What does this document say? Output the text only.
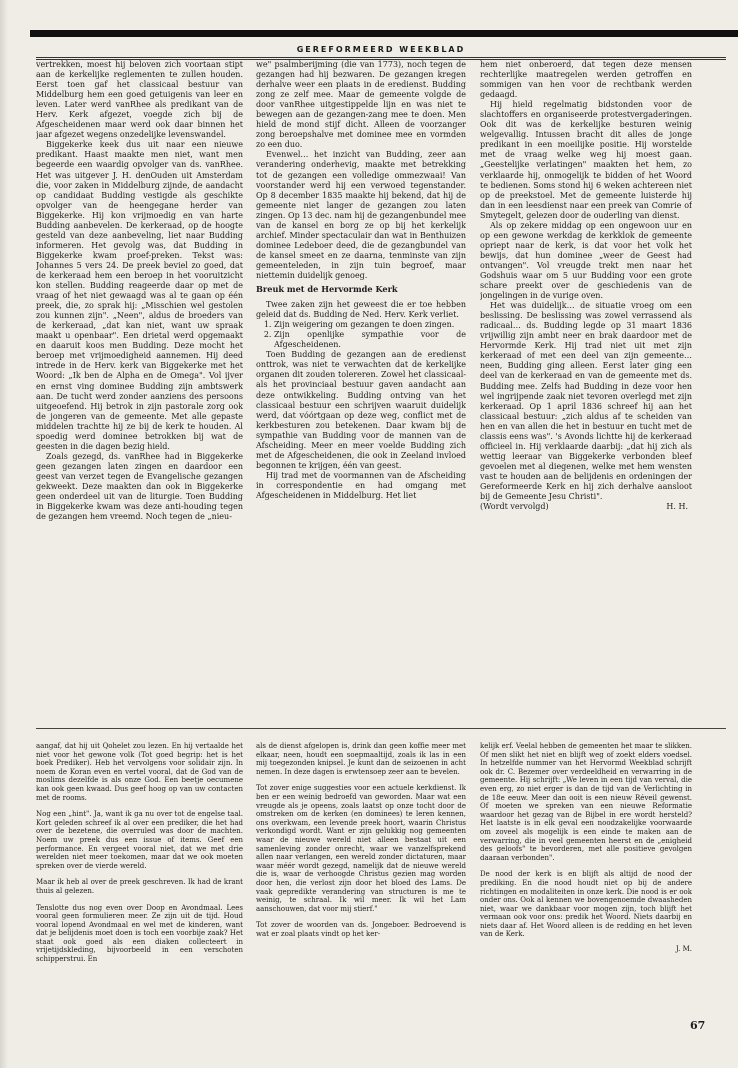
GEREFORMEERD WEEKBLAD

vertrekken, moest hij beloven zich voortaan stipt aan de kerkelijke reglementen te zullen houden. Eerst toen gaf het classicaal bestuur van Middelburg hem een goed getuigenis van leer en leven. Later werd vanRhee als predikant van de Herv. Kerk afgezet, voegde zich bij de Afgescheidenen maar werd ook daar binnen het jaar afgezet wegens onzedelijke levenswandel.

Biggekerke keek dus uit naar een nieuwe predikant. Haast maakte men niet, want men begeerde een waardig opvolger van ds. vanRhee. Het was uitgever J. H. denOuden uit Amsterdam die, voor zaken in Middelburg zijnde, de aandacht op candidaat Budding vestigde als geschikte opvolger van de heengegane herder van Biggekerke. Hij kon vrijmoedig en van harte Budding aanbevelen. De kerkeraad, op de hoogte gesteld van deze aanbeveling, liet naar Budding informeren. Het gevolg was, dat Budding in Biggekerke kwam proef-preken. Tekst was: Johannes 5 vers 24. De preek beviel zo goed, dat de kerkeraad hem een beroep in het vooruitzicht kon stellen. Budding reageerde daar op met de vraag of het niet gewaagd was al te gaan op één preek, die, zo sprak hij: „Misschien wel gestolen zou kunnen zijn". „Neen", aldus de broeders van de kerkeraad, „dat kan niet, want uw spraak maakt u openbaar". Een drietal werd opgemaakt en daaruit koos men Budding. Deze mocht het beroep met vrijmoedigheid aannemen. Hij deed intrede in de Herv. kerk van Biggekerke met het Woord: „Ik ben de Alpha en de Omega". Vol ijver en ernst ving dominee Budding zijn ambtswerk aan. De tucht werd zonder aanziens des persoons uitgeoefend. Hij betrok in zijn pastorale zorg ook de jongeren van de gemeente. Met alle gepaste middelen trachtte hij ze bij de kerk te houden. Al spoedig werd dominee betrokken bij wat de geesten in die dagen bezig hield.

Zoals gezegd, ds. vanRhee had in Biggekerke geen gezangen laten zingen en daardoor een geest van verzet tegen de Evangelische gezangen gekweekt. Deze maakten dan ook in Biggekerke geen onderdeel uit van de liturgie. Toen Budding in Biggekerke kwam was deze anti-houding tegen de gezangen hem vreemd. Noch tegen de „nieu-

we" psalmberijming (die van 1773), noch tegen de gezangen had hij bezwaren. De gezangen kregen derhalve weer een plaats in de eredienst. Budding zong ze zelf mee. Maar de gemeente volgde de door vanRhee uitgestippelde lijn en was niet te bewegen aan de gezangen-zang mee te doen. Men hield de mond stijf dicht. Alleen de voorzanger zong beroepshalve met dominee mee en vormden zo een duo.

Evenwel… het inzicht van Budding, zeer aan verandering onderhevig, maakte met betrekking tot de gezangen een volledige ommezwaai! Van voorstander werd hij een verwoed tegenstander. Op 8 december 1835 maakte hij bekend, dat hij de gemeente niet langer de gezangen zou laten zingen. Op 13 dec. nam hij de gezangenbundel mee van de kansel en borg ze op bij het kerkelijk archief. Minder spectaculair dan wat in Benthuizen dominee Ledeboer deed, die de gezangbundel van de kansel smeet en ze daarna, tenminste van zijn gemeenteleden, in zijn tuin begroef, maar niettemin duidelijk genoeg.

Breuk met de Hervormde Kerk

Twee zaken zijn het geweest die er toe hebben geleid dat ds. Budding de Ned. Herv. Kerk verliet.

1. Zijn weigering om gezangen te doen zingen.
2. Zijn openlijke sympathie voor de Afgescheidenen.

Toen Budding de gezangen aan de eredienst onttrok, was niet te verwachten dat de kerkelijke organen dit zouden tolereren. Zowel het classicaal- als het provinciaal bestuur gaven aandacht aan deze ontwikkeling. Budding ontving van het classicaal bestuur een schrijven waaruit duidelijk werd, dat vóórtgaan op deze weg, conflict met de kerkbesturen zou betekenen. Daar kwam bij de sympathie van Budding voor de mannen van de Afscheiding. Meer en meer voelde Budding zich met de Afgescheidenen, die ook in Zeeland invloed begonnen te krijgen, één van geest.

Hij trad met de voormannen van de Afscheiding in correspondentie en had omgang met Afgescheidenen in Middelburg. Het liet

hem niet onberoerd, dat tegen deze mensen rechterlijke maatregelen werden getroffen en sommigen van hen voor de rechtbank werden gedaagd.

Hij hield regelmatig bidstonden voor de slachtoffers en organiseerde protestvergaderingen. Ook dit was de kerkelijke besturen weinig welgevallig. Intussen bracht dit alles de jonge predikant in een moeilijke positie. Hij worstelde met de vraag welke weg hij moest gaan. „Geestelijke verlatingen" maakten het hem, zo verklaarde hij, onmogelijk te bidden of het Woord te bedienen. Soms stond hij 6 weken achtereen niet op de preekstoel. Met de gemeente luisterde hij dan in een leesdienst naar een preek van Comrie of Smytegelt, gelezen door de ouderling van dienst.

Als op zekere middag op een ongewoon uur en op een gewone werkdag de kerkklok de gemeente opriept naar de kerk, is dat voor het volk het bewijs, dat hun dominee „weer de Geest had ontvangen". Vol vreugde trekt men naar het Godshuis waar om 5 uur Budding voor een grote schare preekt over de geschiedenis van de jongelingen in de vurige oven.

Het was duidelijk… de situatie vroeg om een beslissing. De beslissing was zowel verrassend als radicaal… ds. Budding legde op 31 maart 1836 vrijwillig zijn ambt neer en brak daardoor met de Hervormde Kerk. Hij trad niet uit met zijn kerkeraad of met een deel van zijn gemeente… neen, Budding ging alleen. Eerst later ging een deel van de kerkeraad en van de gemeente met ds. Budding mee. Zelfs had Budding in deze voor hen wel ingrijpende zaak niet tevoren overlegd met zijn kerkeraad. Op 1 april 1836 schreef hij aan het classicaal bestuur: „zich aldus af te scheiden van hen en van allen die het in bestuur en tucht met de classis eens was". 's Avonds lichtte hij de kerkeraad officieel in. Hij verklaarde daarbij: „dat hij zich als wettig leeraar van Biggekerke verbonden bleef gevoelen met al diegenen, welke met hem wensten vast te houden aan de belijdenis en ordeningen der Gereformeerde Kerk en hij zich derhalve aansloot bij de Gemeente Jesu Christi".

(Wordt vervolgd)	H. H.

aangaf, dat hij uit Qohelet zou lezen. En hij vertaalde het niet voor het gewone volk (Tot goed begrip: het is het boek Prediker). Heb het vervolgens voor solidair zijn. In noem de Koran even en vertel vooral, dat de God van de moslims dezelfde is als onze God. Een beetje oecumene kan ook geen kwaad. Dus geef hoog op van uw contacten met de rooms.

Nog een „hint". Ja, want ik ga nu over tot de engelse taal. Kort geleden schreef ik al over een prediker, die het had over de bezetene, die overruled was door de machten. Noem uw preek dus een issue of items. Geef een performance. En vergeet vooral niet, dat we met drie werelden niet meer toekomen, maar dat we ook moeten spreken over de vierde wereld.

Maar ik heb al over de preek geschreven. Ik had de krant thuis al gelezen.

Tenslotte dus nog even over Doop en Avondmaal. Lees vooral geen formulieren meer. Ze zijn uit de tijd. Houd vooral lopend Avondmaal en wel met de kinderen, want dat je belijdenis moet doen is toch een voorbije zaak? Het staat ook goed als een diaken collecteert in vrijetijdskleding, bijvoorbeeld in een verschoten schipperstrui. En

als de dienst afgelopen is, drink dan geen koffie meer met elkaar, neen, houdt een soepmaaltijd, zoals ik las in een mij toegezonden knipsel. Je kunt dan de seizoenen in acht nemen. In deze dagen is erwtensoep zeer aan te bevelen.

Tot zover enige suggesties voor een actuele kerkdienst. Ik ben er een weinig bedroefd van geworden. Maar wat een vreugde als je opeens, zoals laatst op onze tocht door de omstreken om de kerken (en dominees) te leren kennen, ons overkwam, een levende preek hoort, waarin Christus verkondigd wordt. Want er zijn gelukkig nog gemeenten waar de nieuwe wereld niet alleen bestaat uit een samenleving zonder onrecht, waar we vanzelfsprekend allen naar verlangen, een wereld zonder dictaturen, maar waar méér wordt gezegd, namelijk dat de nieuwe wereld die is, waar de verhoogde Christus gezien mag worden door hen, die verlost zijn door het bloed des Lams. De vaak gepredikte verandering van structuren is me te weinig, te schraal. Ik wil meer. Ik wil het Lam aanschouwen, dat voor mij stierf."

Tot zover de woorden van ds. Jongeboer. Bedroevend is wat er zoal plaats vindt op het ker-

kelijk erf. Veelal hebben de gemeenten het maar te slikken. Of men slikt het niet en blijft weg of zoekt elders voedsel. In hetzelfde nummer van het Hervormd Weekblad schrijft ook dr. C. Bezemer over verdeeldheid en verwarring in de gemeente. Hij schrijft: „We leven in een tijd van verval, die even erg, zo niet erger is dan de tijd van de Verlichting in de 18e eeuw. Meer dan ooit is een nieuw Réveil gewenst. Of moeten we spreken van een nieuwe Reformatie waardoor het gezag van de Bijbel in ere wordt hersteld? Het laatste is in elk geval een noodzakelijke voorwaarde om zoveel als mogelijk is een einde te maken aan de verwarring, die in veel gemeenten heerst en de „enigheid des geloofs" te bevorderen, met alle positieve gevolgen daaraan verbonden".

De nood der kerk is en blijft als altijd de nood der prediking. En die nood houdt niet op bij de andere richtingen en modaliteiten in onze kerk. Die nood is er ook onder ons. Ook al kennen we bovengenoemde dwaasheden niet, waar we dankbaar voor mogen zijn, toch blijft het vermaan ook voor ons: predik het Woord. Niets daarbij en niets daar af. Het Woord alleen is de redding en het leven van de Kerk.

J. M.
67
